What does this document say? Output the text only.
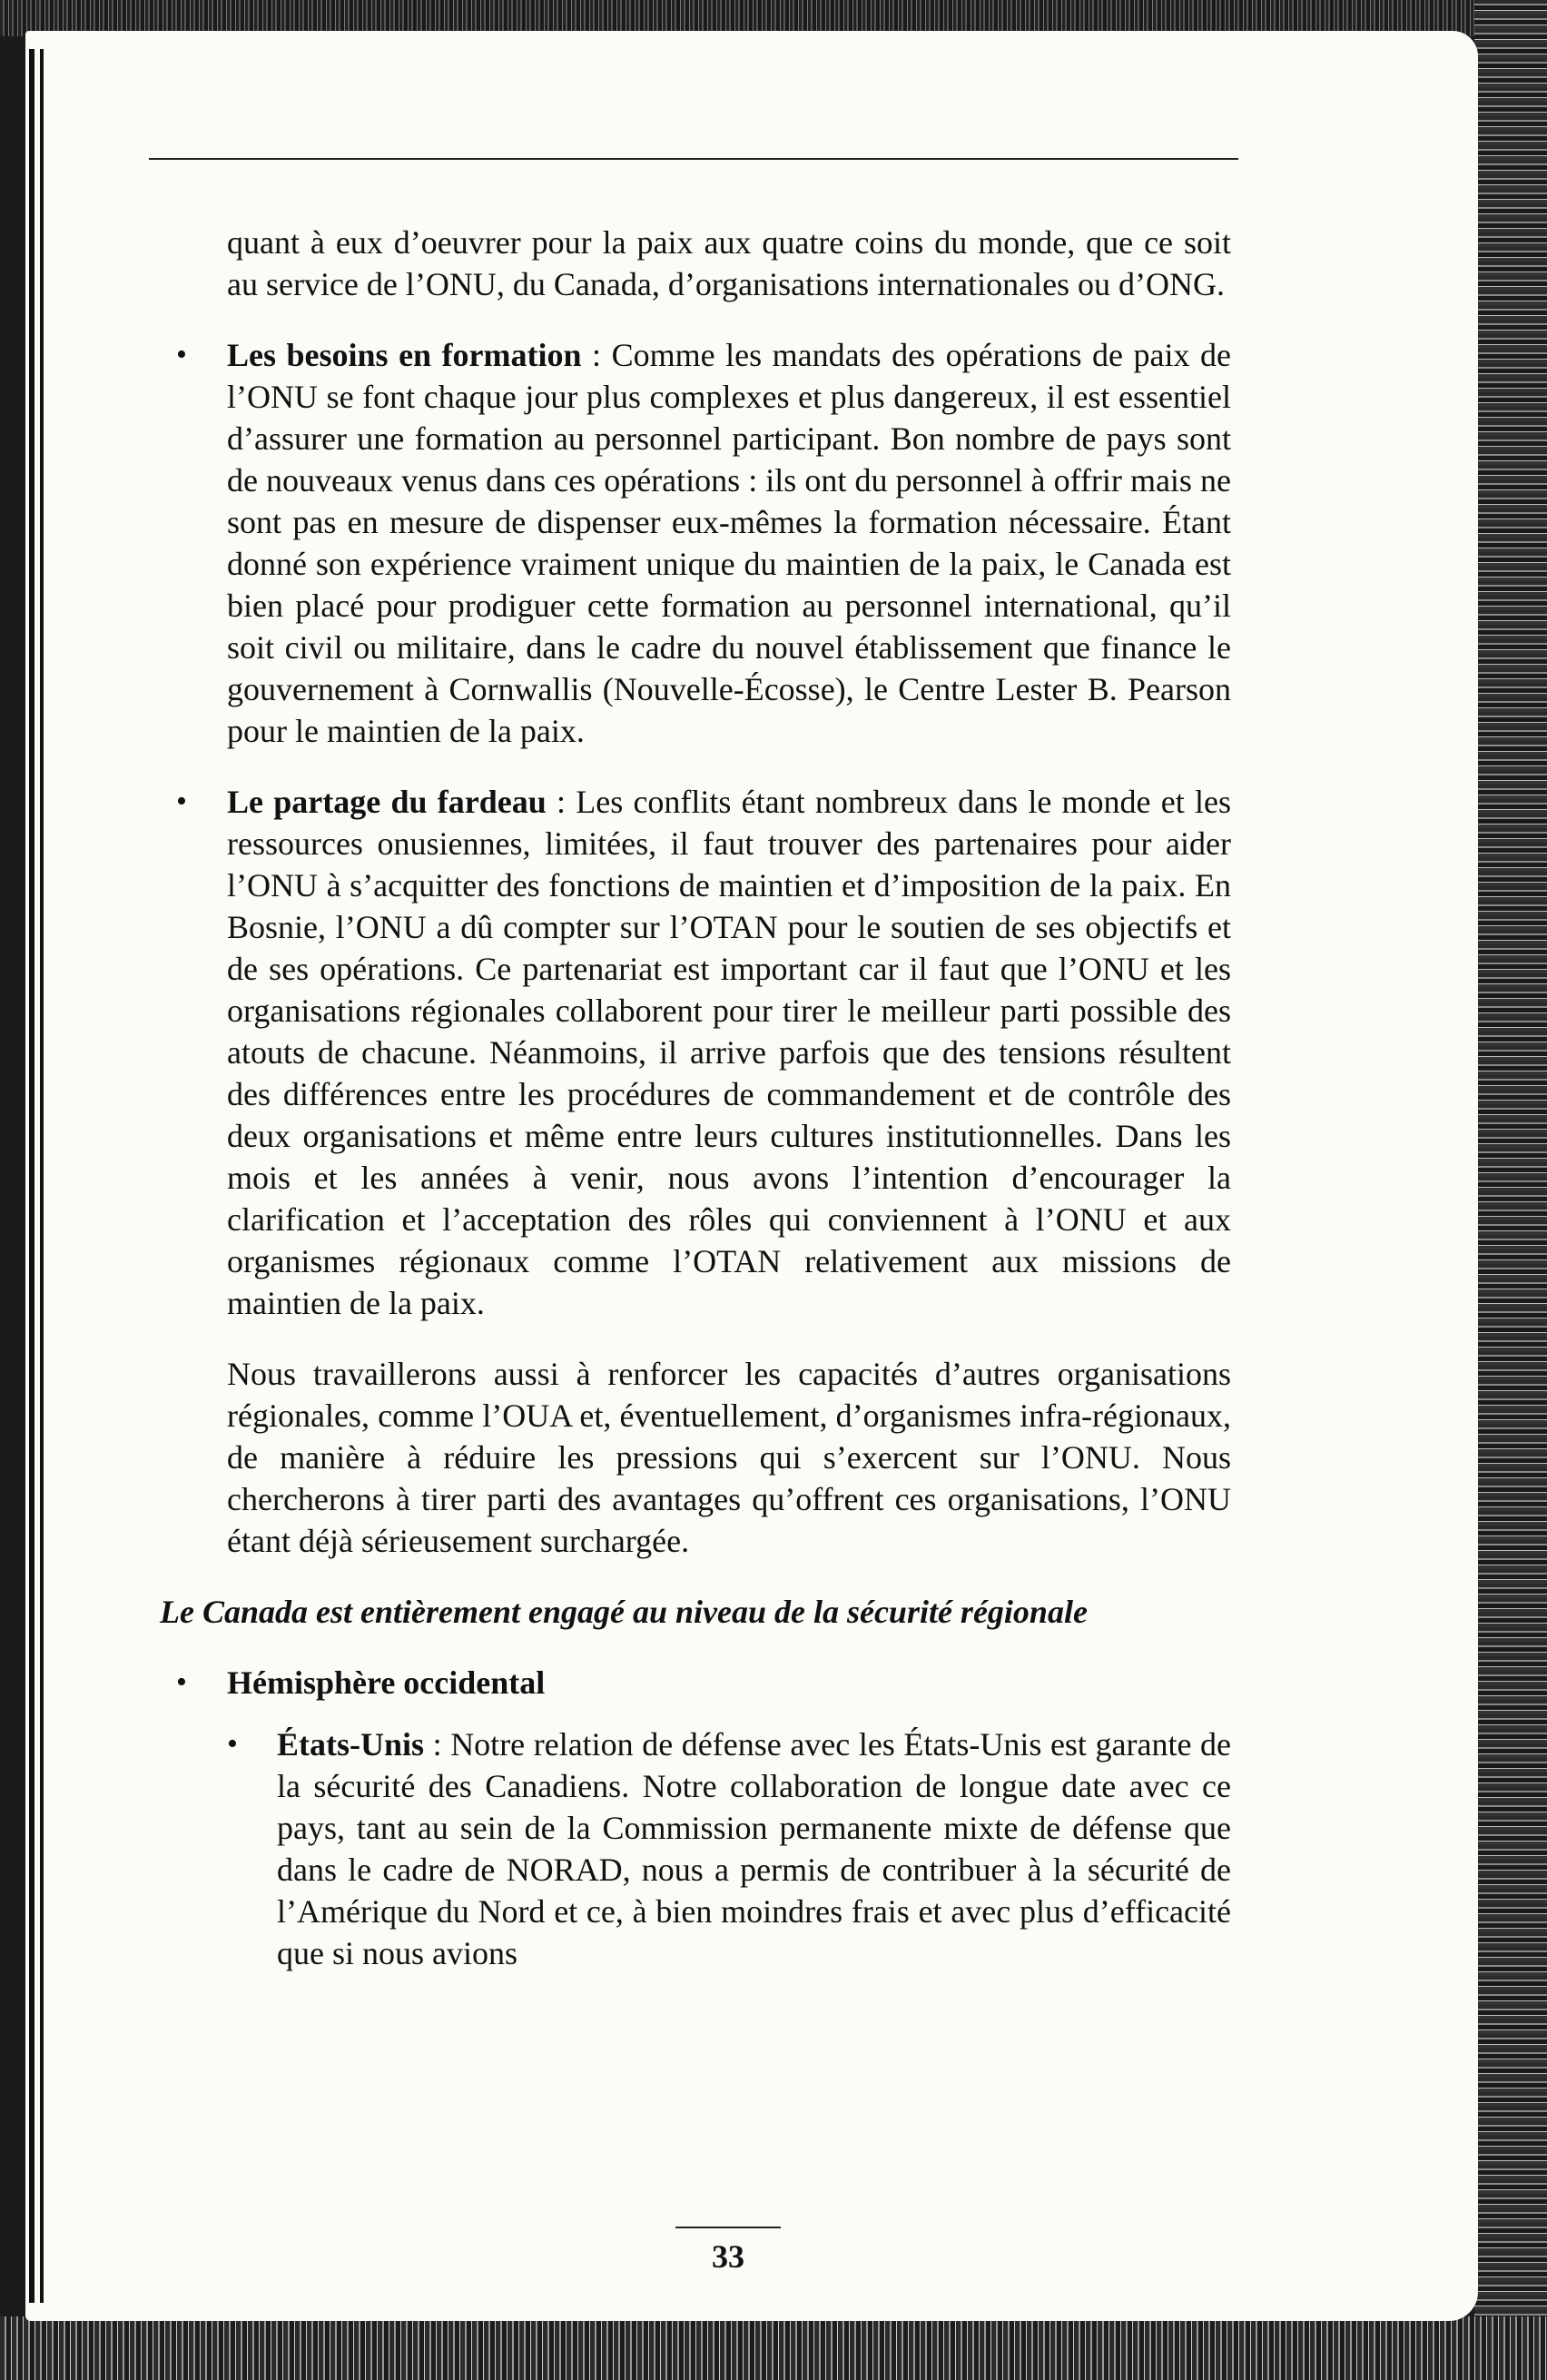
quant à eux d’oeuvrer pour la paix aux quatre coins du monde, que ce soit au service de l’ONU, du Canada, d’organisations internationales ou d’ONG.

• Les besoins en formation : Comme les mandats des opérations de paix de l’ONU se font chaque jour plus complexes et plus dangereux, il est essentiel d’assurer une formation au personnel participant. Bon nombre de pays sont de nouveaux venus dans ces opérations : ils ont du personnel à offrir mais ne sont pas en mesure de dispenser eux-mêmes la formation nécessaire. Étant donné son expérience vraiment unique du maintien de la paix, le Canada est bien placé pour prodiguer cette formation au personnel international, qu’il soit civil ou militaire, dans le cadre du nouvel établissement que finance le gouvernement à Cornwallis (Nouvelle-Écosse), le Centre Lester B. Pearson pour le maintien de la paix.

• Le partage du fardeau : Les conflits étant nombreux dans le monde et les ressources onusiennes, limitées, il faut trouver des partenaires pour aider l’ONU à s’acquitter des fonctions de maintien et d’imposition de la paix. En Bosnie, l’ONU a dû compter sur l’OTAN pour le soutien de ses objectifs et de ses opérations. Ce partenariat est important car il faut que l’ONU et les organisations régionales collaborent pour tirer le meilleur parti possible des atouts de chacune. Néanmoins, il arrive parfois que des tensions résultent des différences entre les procédures de commandement et de contrôle des deux organisations et même entre leurs cultures institutionnelles. Dans les mois et les années à venir, nous avons l’intention d’encourager la clarification et l’acceptation des rôles qui conviennent à l’ONU et aux organismes régionaux comme l’OTAN relativement aux missions de maintien de la paix.

Nous travaillerons aussi à renforcer les capacités d’autres organisations régionales, comme l’OUA et, éventuellement, d’organismes infra-régionaux, de manière à réduire les pressions qui s’exercent sur l’ONU. Nous chercherons à tirer parti des avantages qu’offrent ces organisations, l’ONU étant déjà sérieusement surchargée.

Le Canada est entièrement engagé au niveau de la sécurité régionale

• Hémisphère occidental

• États-Unis : Notre relation de défense avec les États-Unis est garante de la sécurité des Canadiens. Notre collaboration de longue date avec ce pays, tant au sein de la Commission permanente mixte de défense que dans le cadre de NORAD, nous a permis de contribuer à la sécurité de l’Amérique du Nord et ce, à bien moindres frais et avec plus d’efficacité que si nous avions

33
